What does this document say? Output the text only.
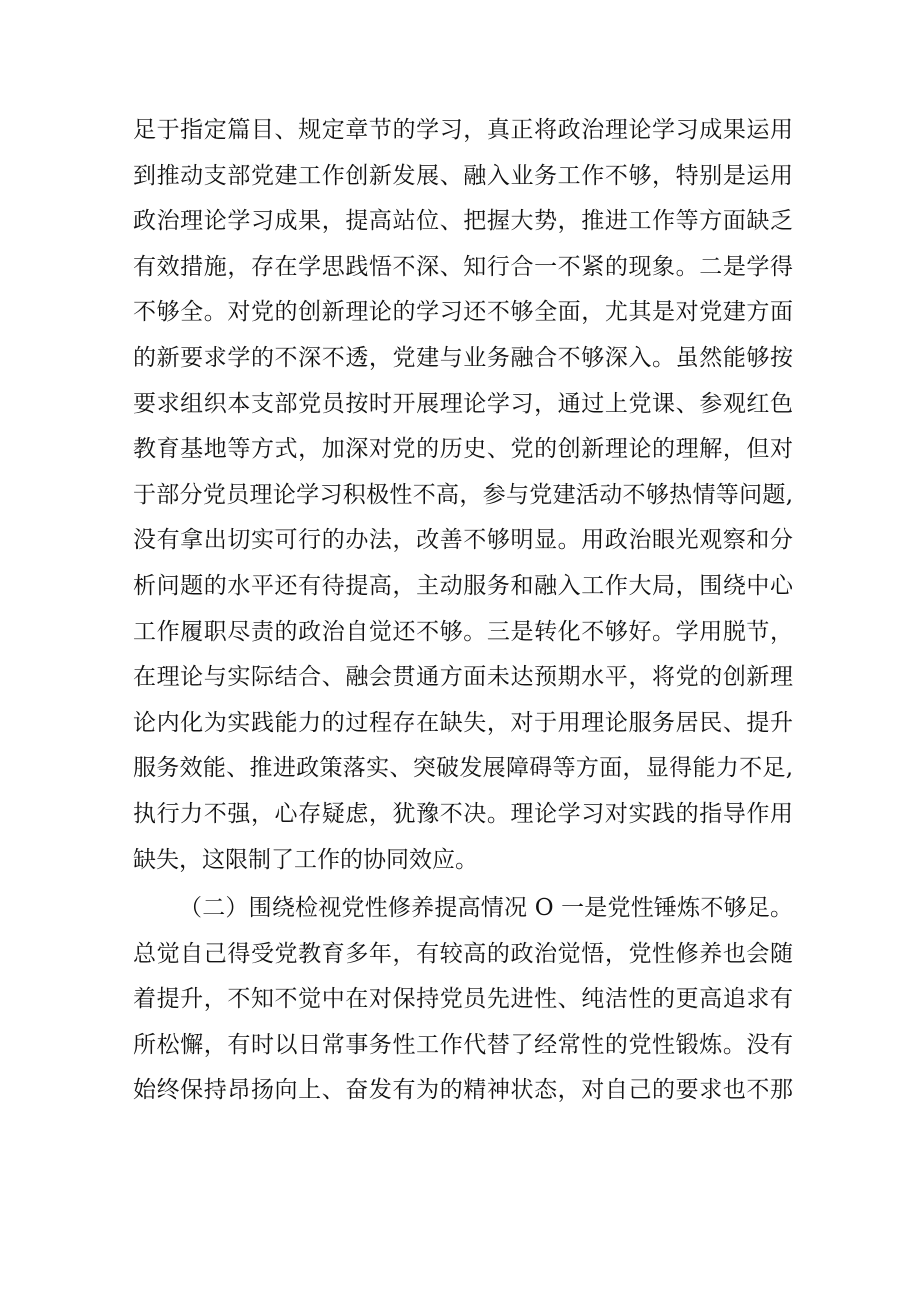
足于指定篇目、规定章节的学习，真正将政治理论学习成果运用
到推动支部党建工作创新发展、融入业务工作不够，特别是运用
政治理论学习成果，提高站位、把握大势，推进工作等方面缺乏
有效措施，存在学思践悟不深、知行合一不紧的现象。二是学得
不够全。对党的创新理论的学习还不够全面，尤其是对党建方面
的新要求学的不深不透，党建与业务融合不够深入。虽然能够按
要求组织本支部党员按时开展理论学习，通过上党课、参观红色
教育基地等方式，加深对党的历史、党的创新理论的理解，但对
于部分党员理论学习积极性不高，参与党建活动不够热情等问题,
没有拿出切实可行的办法，改善不够明显。用政治眼光观察和分
析问题的水平还有待提高，主动服务和融入工作大局，围绕中心
工作履职尽责的政治自觉还不够。三是转化不够好。学用脱节，
在理论与实际结合、融会贯通方面未达预期水平，将党的创新理
论内化为实践能力的过程存在缺失，对于用理论服务居民、提升
服务效能、推进政策落实、突破发展障碍等方面，显得能力不足,
执行力不强，心存疑虑，犹豫不决。理论学习对实践的指导作用
缺失，这限制了工作的协同效应。
（二）围绕检视党性修养提高情况 O 一是党性锤炼不够足。
总觉自己得受党教育多年，有较高的政治觉悟，党性修养也会随
着提升，不知不觉中在对保持党员先进性、纯洁性的更高追求有
所松懈，有时以日常事务性工作代替了经常性的党性锻炼。没有
始终保持昂扬向上、奋发有为的精神状态，对自己的要求也不那
